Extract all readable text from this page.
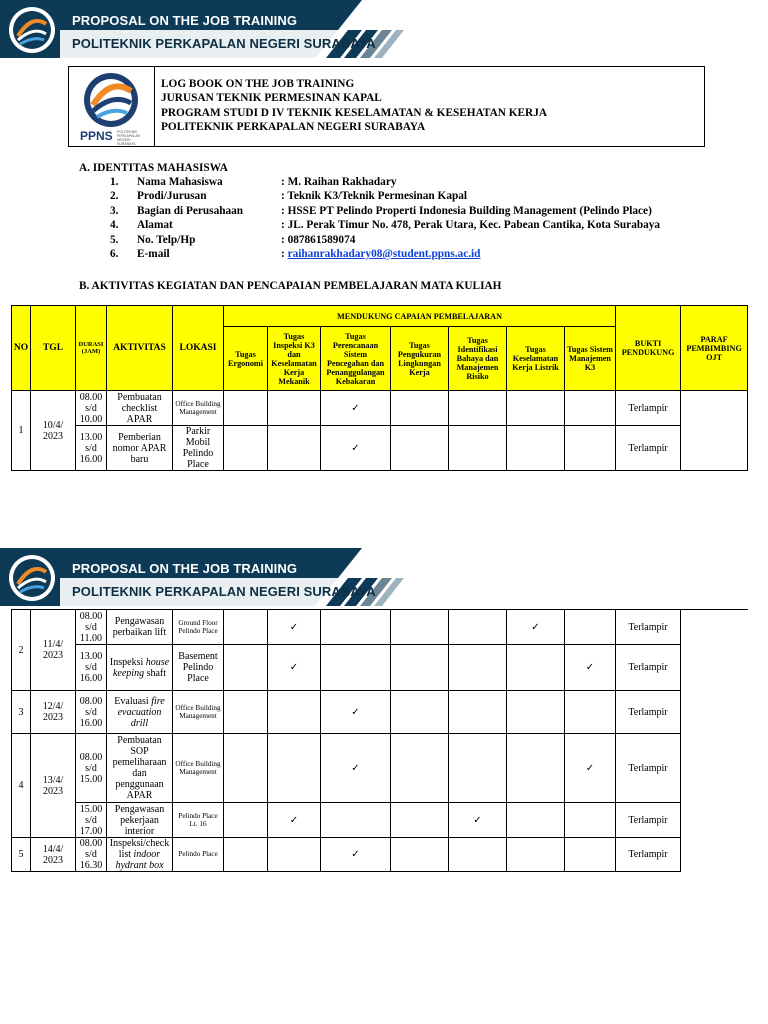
PROPOSAL ON THE JOB TRAINING
POLITEKNIK PERKAPALAN NEGERI SURABAYA
PPNS POLITEKNIK PERKAPALAN NEGERI SURABAYA
LOG BOOK ON THE JOB TRAINING
JURUSAN TEKNIK PERMESINAN KAPAL
PROGRAM STUDI D IV TEKNIK KESELAMATAN & KESEHATAN KERJA
POLITEKNIK PERKAPALAN NEGERI SURABAYA
A. IDENTITAS MAHASISWA
1. Nama Mahasiswa	: M. Raihan Rakhadary
2. Prodi/Jurusan	: Teknik K3/Teknik Permesinan Kapal
3. Bagian di Perusahaan	: HSSE PT Pelindo Properti Indonesia Building Management (Pelindo Place)
4. Alamat	: JL. Perak Timur No. 478, Perak Utara, Kec. Pabean Cantika, Kota Surabaya
5. No. Telp/Hp	: 087861589074
6. E-mail	: raihanrakhadary08@student.ppns.ac.id
B. AKTIVITAS KEGIATAN DAN PENCAPAIAN PEMBELAJARAN MATA KULIAH
NO	TGL	DURASI (JAM)	AKTIVITAS	LOKASI	MENDUKUNG CAPAIAN PEMBELAJARAN							BUKTI PENDUKUNG	PARAF PEMBIMBING OJT
					Tugas Ergonomi	Tugas Inspeksi K3 dan Keselamatan Kerja Mekanik	Tugas Perencanaan Sistem Pencegahan dan Penanggulangan Kebakaran	Tugas Pengukuran Lingkungan Kerja	Tugas Identifikasi Bahaya dan Manajemen Risiko	Tugas Keselamatan Kerja Listrik	Tugas Sistem Manajemen K3		
1	10/4/ 2023	08.00 s/d 10.00	Pembuatan checklist APAR	Office Building Management			✓					Terlampir	
		13.00 s/d 16.00	Pemberian nomor APAR baru	Parkir Mobil Pelindo Place			✓					Terlampir	
PROPOSAL ON THE JOB TRAINING
POLITEKNIK PERKAPALAN NEGERI SURABAYA
2	11/4/ 2023	08.00 s/d 11.00	Pengawasan perbaikan lift	Ground Floor Pelindo Place		✓				✓		Terlampir	
		13.00 s/d 16.00	Inspeksi house keeping shaft	Basement Pelindo Place		✓					✓	Terlampir	
3	12/4/ 2023	08.00 s/d 16.00	Evaluasi fire evacuation drill	Office Building Management			✓					Terlampir	
4	13/4/ 2023	08.00 s/d 15.00	Pembuatan SOP pemeliharaan dan penggunaan APAR	Office Building Management			✓				✓	Terlampir	
		15.00 s/d 17.00	Pengawasan pekerjaan interior	Pelindo Place Lt. 16		✓			✓			Terlampir	
5	14/4/ 2023	08.00 s/d 16.30	Inspeksi/check list indoor hydrant box	Pelindo Place			✓					Terlampir	
